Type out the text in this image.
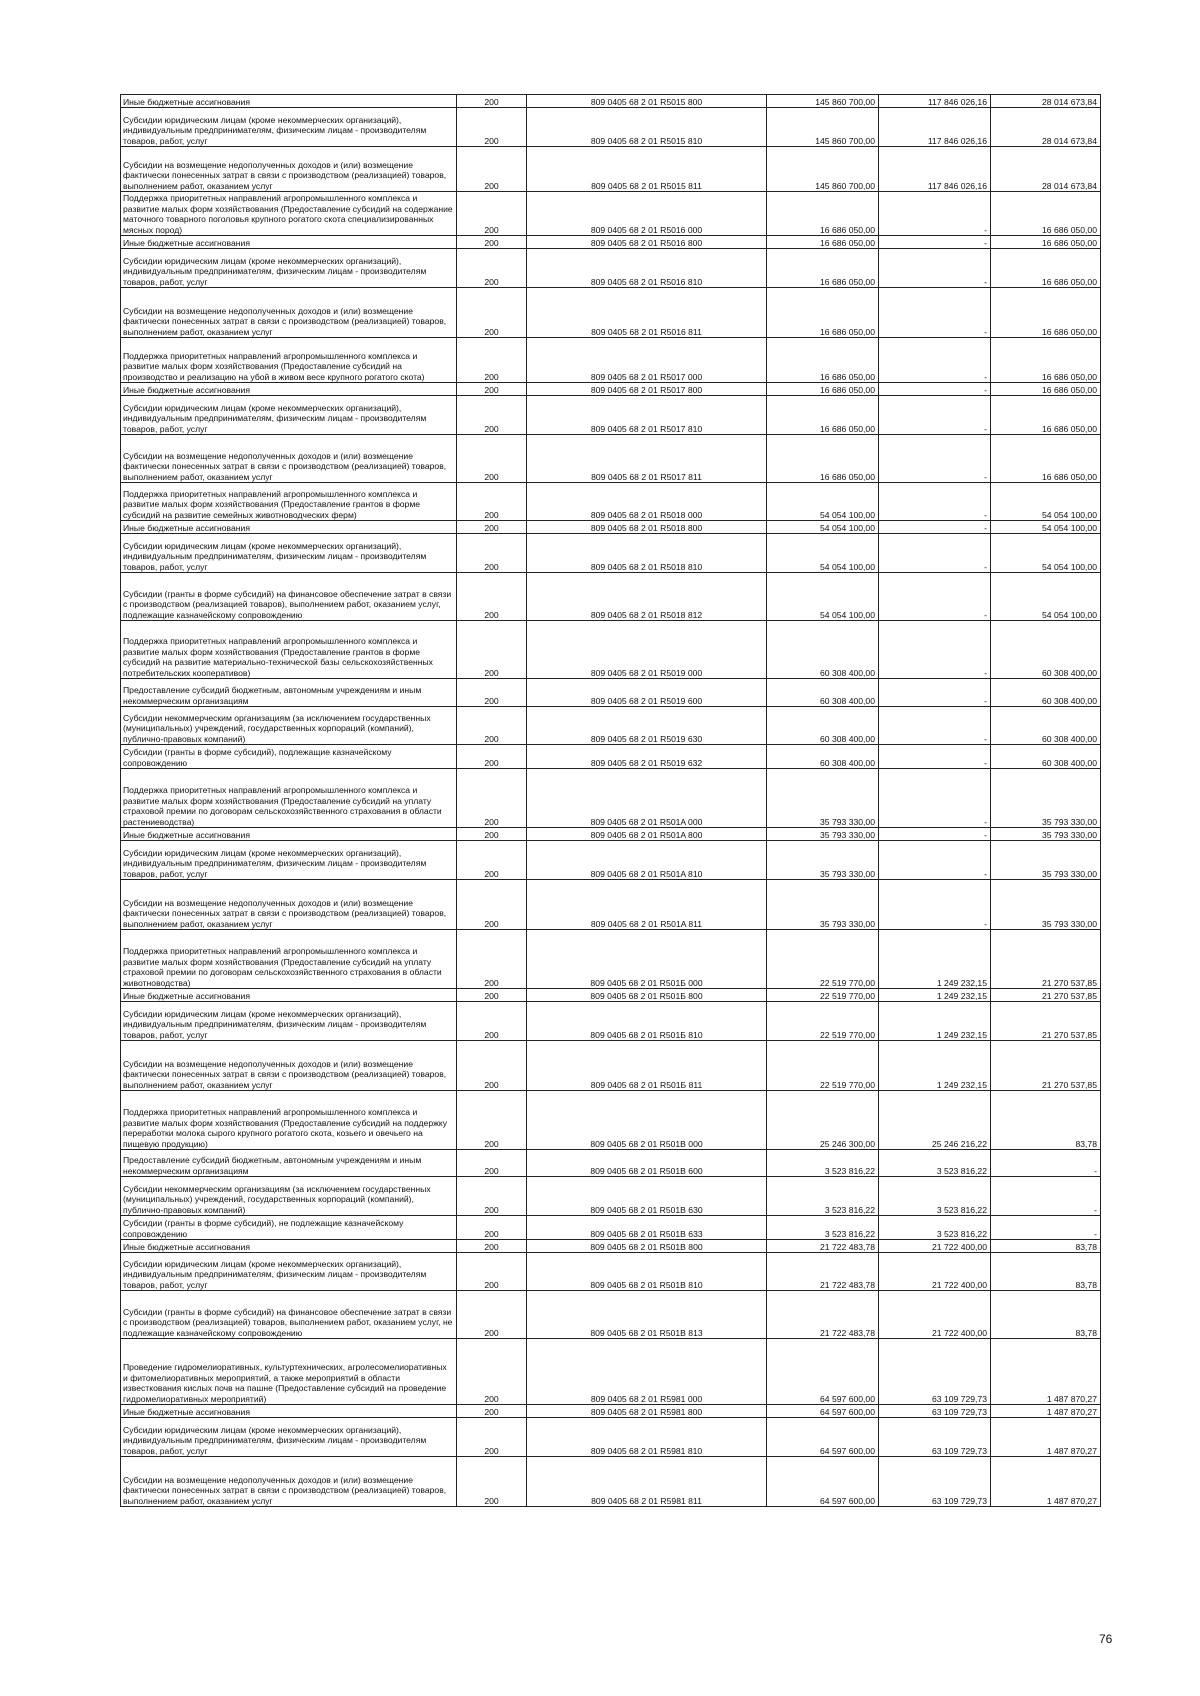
Иные бюджетные ассигнования	200	809 0405 68 2 01 R5015 800	145 860 700,00	117 846 026,16	28 014 673,84
Субсидии юридическим лицам (кроме некоммерческих организаций), индивидуальным предпринимателям, физическим лицам - производителям товаров, работ, услуг	200	809 0405 68 2 01 R5015 810	145 860 700,00	117 846 026,16	28 014 673,84
Субсидии на возмещение недополученных доходов и (или) возмещение фактически понесенных затрат в связи с производством (реализацией) товаров, выполнением работ, оказанием услуг	200	809 0405 68 2 01 R5015 811	145 860 700,00	117 846 026,16	28 014 673,84
Поддержка приоритетных направлений агропромышленного комплекса и развитие малых форм хозяйствования (Предоставление субсидий на содержание маточного товарного поголовья крупного рогатого скота специализированных мясных пород)	200	809 0405 68 2 01 R5016 000	16 686 050,00	-	16 686 050,00
Иные бюджетные ассигнования	200	809 0405 68 2 01 R5016 800	16 686 050,00	-	16 686 050,00
Субсидии юридическим лицам (кроме некоммерческих организаций), индивидуальным предпринимателям, физическим лицам - производителям товаров, работ, услуг	200	809 0405 68 2 01 R5016 810	16 686 050,00	-	16 686 050,00
Субсидии на возмещение недополученных доходов и (или) возмещение фактически понесенных затрат в связи с производством (реализацией) товаров, выполнением работ, оказанием услуг	200	809 0405 68 2 01 R5016 811	16 686 050,00	-	16 686 050,00
Поддержка приоритетных направлений агропромышленного комплекса и развитие малых форм хозяйствования (Предоставление субсидий на производство и реализацию на убой в живом весе крупного рогатого скота)	200	809 0405 68 2 01 R5017 000	16 686 050,00	-	16 686 050,00
Иные бюджетные ассигнования	200	809 0405 68 2 01 R5017 800	16 686 050,00	-	16 686 050,00
Субсидии юридическим лицам (кроме некоммерческих организаций), индивидуальным предпринимателям, физическим лицам - производителям товаров, работ, услуг	200	809 0405 68 2 01 R5017 810	16 686 050,00	-	16 686 050,00
Субсидии на возмещение недополученных доходов и (или) возмещение фактически понесенных затрат в связи с производством (реализацией) товаров, выполнением работ, оказанием услуг	200	809 0405 68 2 01 R5017 811	16 686 050,00	-	16 686 050,00
Поддержка приоритетных направлений агропромышленного комплекса и развитие малых форм хозяйствования (Предоставление грантов в форме субсидий на развитие семейных животноводческих ферм)	200	809 0405 68 2 01 R5018 000	54 054 100,00	-	54 054 100,00
Иные бюджетные ассигнования	200	809 0405 68 2 01 R5018 800	54 054 100,00	-	54 054 100,00
Субсидии юридическим лицам (кроме некоммерческих организаций), индивидуальным предпринимателям, физическим лицам - производителям товаров, работ, услуг	200	809 0405 68 2 01 R5018 810	54 054 100,00	-	54 054 100,00
Субсидии (гранты в форме субсидий) на финансовое обеспечение затрат в связи с производством (реализацией товаров), выполнением работ, оказанием услуг, подлежащие казначейскому сопровождению	200	809 0405 68 2 01 R5018 812	54 054 100,00	-	54 054 100,00
Поддержка приоритетных направлений агропромышленного комплекса и развитие малых форм хозяйствования (Предоставление грантов в форме субсидий на развитие материально-технической базы сельскохозяйственных потребительских кооперативов)	200	809 0405 68 2 01 R5019 000	60 308 400,00	-	60 308 400,00
Предоставление субсидий бюджетным, автономным учреждениям и иным некоммерческим организациям	200	809 0405 68 2 01 R5019 600	60 308 400,00	-	60 308 400,00
Субсидии некоммерческим организациям (за исключением государственных (муниципальных) учреждений, государственных корпораций (компаний), публично-правовых компаний)	200	809 0405 68 2 01 R5019 630	60 308 400,00	-	60 308 400,00
Субсидии (гранты в форме субсидий), подлежащие казначейскому сопровождению	200	809 0405 68 2 01 R5019 632	60 308 400,00	-	60 308 400,00
Поддержка приоритетных направлений агропромышленного комплекса и развитие малых форм хозяйствования (Предоставление субсидий на уплату страховой премии по договорам сельскохозяйственного страхования в области растениеводства)	200	809 0405 68 2 01 R501A 000	35 793 330,00	-	35 793 330,00
Иные бюджетные ассигнования	200	809 0405 68 2 01 R501A 800	35 793 330,00	-	35 793 330,00
Субсидии юридическим лицам (кроме некоммерческих организаций), индивидуальным предпринимателям, физическим лицам - производителям товаров, работ, услуг	200	809 0405 68 2 01 R501A 810	35 793 330,00	-	35 793 330,00
Субсидии на возмещение недополученных доходов и (или) возмещение фактически понесенных затрат в связи с производством (реализацией) товаров, выполнением работ, оказанием услуг	200	809 0405 68 2 01 R501A 811	35 793 330,00	-	35 793 330,00
Поддержка приоритетных направлений агропромышленного комплекса и развитие малых форм хозяйствования (Предоставление субсидий на уплату страховой премии по договорам сельскохозяйственного страхования в области животноводства)	200	809 0405 68 2 01 R501Б 000	22 519 770,00	1 249 232,15	21 270 537,85
Иные бюджетные ассигнования	200	809 0405 68 2 01 R501Б 800	22 519 770,00	1 249 232,15	21 270 537,85
Субсидии юридическим лицам (кроме некоммерческих организаций), индивидуальным предпринимателям, физическим лицам - производителям товаров, работ, услуг	200	809 0405 68 2 01 R501Б 810	22 519 770,00	1 249 232,15	21 270 537,85
Субсидии на возмещение недополученных доходов и (или) возмещение фактически понесенных затрат в связи с производством (реализацией) товаров, выполнением работ, оказанием услуг	200	809 0405 68 2 01 R501Б 811	22 519 770,00	1 249 232,15	21 270 537,85
Поддержка приоритетных направлений агропромышленного комплекса и развитие малых форм хозяйствования (Предоставление субсидий на поддержку переработки молока сырого крупного рогатого скота, козьего и овечьего на пищевую продукцию)	200	809 0405 68 2 01 R501В 000	25 246 300,00	25 246 216,22	83,78
Предоставление субсидий бюджетным, автономным учреждениям и иным некоммерческим организациям	200	809 0405 68 2 01 R501В 600	3 523 816,22	3 523 816,22	-
Субсидии некоммерческим организациям (за исключением государственных (муниципальных) учреждений, государственных корпораций (компаний), публично-правовых компаний)	200	809 0405 68 2 01 R501В 630	3 523 816,22	3 523 816,22	-
Субсидии (гранты в форме субсидий), не подлежащие казначейскому сопровождению	200	809 0405 68 2 01 R501В 633	3 523 816,22	3 523 816,22	-
Иные бюджетные ассигнования	200	809 0405 68 2 01 R501В 800	21 722 483,78	21 722 400,00	83,78
Субсидии юридическим лицам (кроме некоммерческих организаций), индивидуальным предпринимателям, физическим лицам - производителям товаров, работ, услуг	200	809 0405 68 2 01 R501В 810	21 722 483,78	21 722 400,00	83,78
Субсидии (гранты в форме субсидий) на финансовое обеспечение затрат в связи с производством (реализацией) товаров, выполнением работ, оказанием услуг, не подлежащие казначейскому сопровождению	200	809 0405 68 2 01 R501В 813	21 722 483,78	21 722 400,00	83,78
Проведение гидромелиоративных, культуртехнических, агролесомелиоративных и фитомелиоративных мероприятий, а также мероприятий в области известкования кислых почв на пашне (Предоставление субсидий на проведение гидромелиоративных мероприятий)	200	809 0405 68 2 01 R5981 000	64 597 600,00	63 109 729,73	1 487 870,27
Иные бюджетные ассигнования	200	809 0405 68 2 01 R5981 800	64 597 600,00	63 109 729,73	1 487 870,27
Субсидии юридическим лицам (кроме некоммерческих организаций), индивидуальным предпринимателям, физическим лицам - производителям товаров, работ, услуг	200	809 0405 68 2 01 R5981 810	64 597 600,00	63 109 729,73	1 487 870,27
Субсидии на возмещение недополученных доходов и (или) возмещение фактически понесенных затрат в связи с производством (реализацией) товаров, выполнением работ, оказанием услуг	200	809 0405 68 2 01 R5981 811	64 597 600,00	63 109 729,73	1 487 870,27
76
